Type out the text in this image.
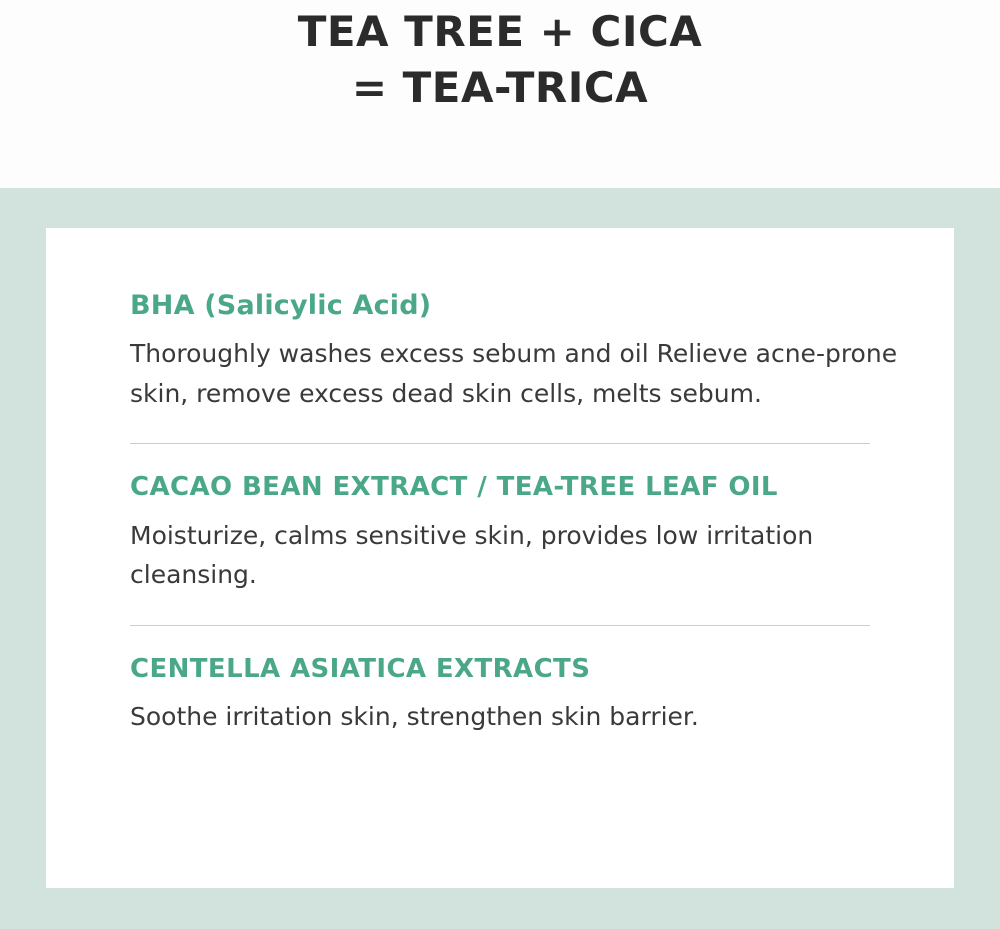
TEA TREE + CICA
= TEA-TRICA

BHA (Salicylic Acid)

Thoroughly washes excess sebum and oil Relieve acne-prone skin, remove excess dead skin cells, melts sebum.

CACAO BEAN EXTRACT / TEA-TREE LEAF OIL

Moisturize, calms sensitive skin, provides low irritation cleansing.

CENTELLA ASIATICA EXTRACTS

Soothe irritation skin, strengthen skin barrier.
